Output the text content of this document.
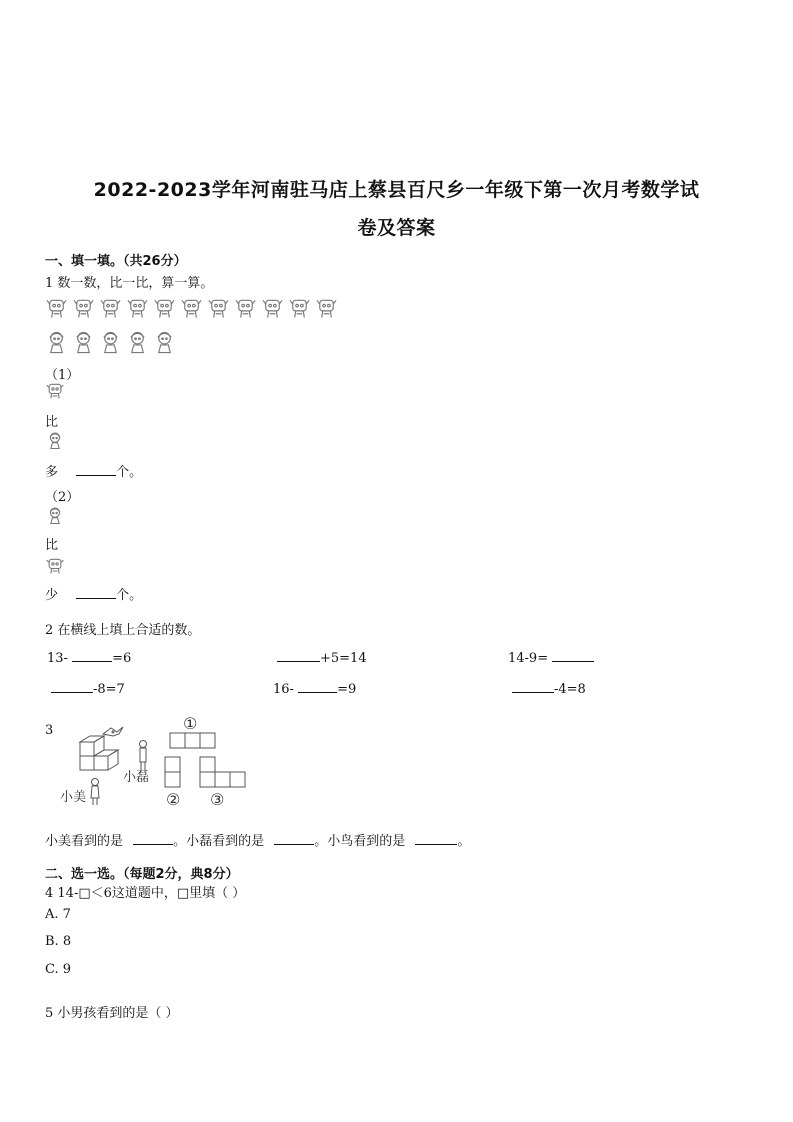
2022-2023学年河南驻马店上蔡县百尺乡一年级下第一次月考数学试
卷及答案
一、填一填。（共26分）
1 数一数，比一比，算一算。
（1）
比
多	个。
（2）
比
少	个。
2 在横线上填上合适的数。
13-	=6	+5=14	14-9=
-8=7	16-	=9	-4=8
3	①
② ③
小美
小磊
小美看到的是	。小磊看到的是	。小鸟看到的是	。
二、选一选。（每题2分，典8分）
4 14-□＜6这道题中，□里填（ ）
A. 7
B. 8
C. 9
5 小男孩看到的是（ ）
